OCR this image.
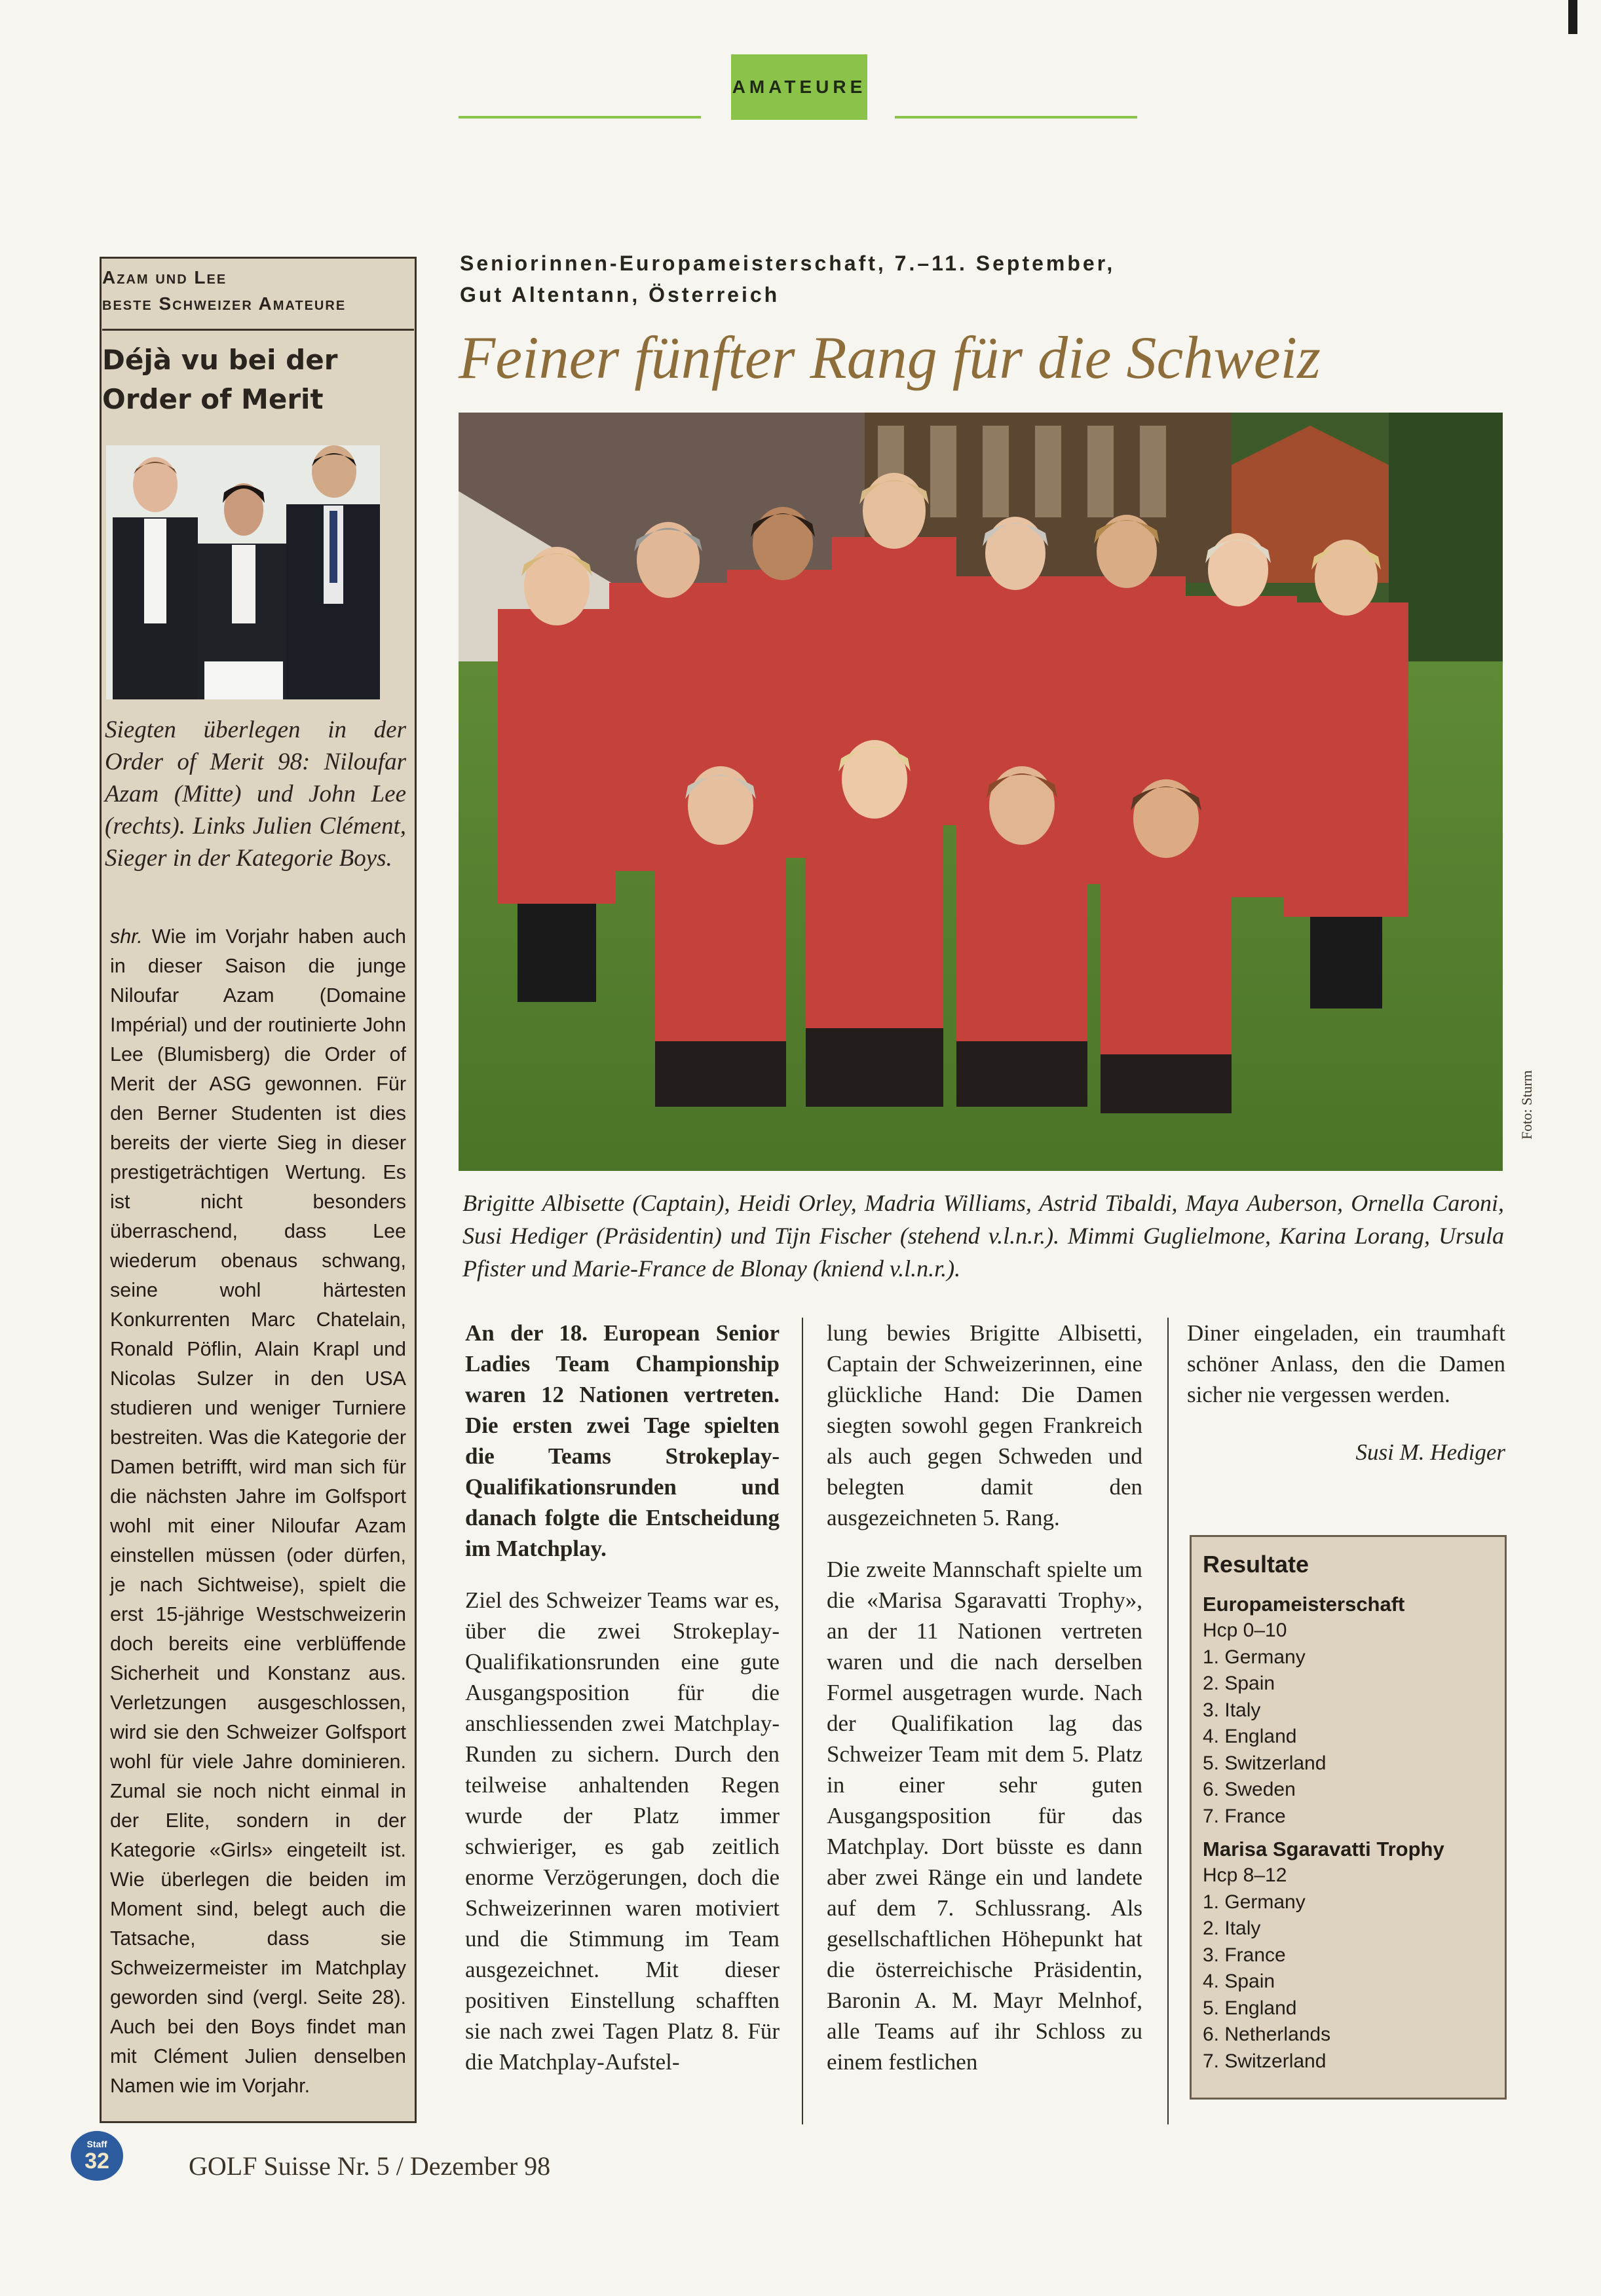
AMATEURE
Azam und Lee
beste Schweizer Amateure
Déjà vu bei der
Order of Merit
Siegten überlegen in der Order of Merit 98: Niloufar Azam (Mitte) und John Lee (rechts). Links Julien Clément, Sieger in der Kategorie Boys.
shr. Wie im Vorjahr haben auch in dieser Saison die junge Niloufar Azam (Domaine Impérial) und der routinierte John Lee (Blumisberg) die Order of Merit der ASG gewonnen. Für den Berner Studenten ist dies bereits der vierte Sieg in dieser prestigeträchtigen Wertung. Es ist nicht besonders überraschend, dass Lee wiederum obenaus schwang, seine wohl härtesten Konkurrenten Marc Chatelain, Ronald Pöflin, Alain Krapl und Nicolas Sulzer in den USA studieren und weniger Turniere bestreiten. Was die Kategorie der Damen betrifft, wird man sich für die nächsten Jahre im Golfsport wohl mit einer Niloufar Azam einstellen müssen (oder dürfen, je nach Sichtweise), spielt die erst 15-jährige Westschweizerin doch bereits eine verblüffende Sicherheit und Konstanz aus. Verletzungen ausgeschlossen, wird sie den Schweizer Golfsport wohl für viele Jahre dominieren. Zumal sie noch nicht einmal in der Elite, sondern in der Kategorie «Girls» eingeteilt ist. Wie überlegen die beiden im Moment sind, belegt auch die Tatsache, dass sie Schweizermeister im Matchplay geworden sind (vergl. Seite 28). Auch bei den Boys findet man mit Clément Julien denselben Namen wie im Vorjahr.
Seniorinnen-Europameisterschaft, 7.–11. September,
Gut Altentann, Österreich
Feiner fünfter Rang für die Schweiz
Foto: Sturm
Brigitte Albisette (Captain), Heidi Orley, Madria Williams, Astrid Tibaldi, Maya Auberson, Ornella Caroni, Susi Hediger (Präsidentin) und Tijn Fischer (stehend v.l.n.r.). Mimmi Guglielmone, Karina Lorang, Ursula Pfister und Marie-France de Blonay (kniend v.l.n.r.).

An der 18. European Senior Ladies Team Championship waren 12 Nationen vertreten. Die ersten zwei Tage spielten die Teams Strokeplay-Qualifikationsrunden und danach folgte die Entscheidung im Matchplay.

Ziel des Schweizer Teams war es, über die zwei Strokeplay-Qualifikationsrunden eine gute Ausgangsposition für die anschliessenden zwei Matchplay-Runden zu sichern. Durch den teilweise anhaltenden Regen wurde der Platz immer schwieriger, es gab zeitlich enorme Verzögerungen, doch die Schweizerinnen waren motiviert und die Stimmung im Team ausgezeichnet. Mit dieser positiven Einstellung schafften sie nach zwei Tagen Platz 8. Für die Matchplay-Aufstel-

lung bewies Brigitte Albisetti, Captain der Schweizerinnen, eine glückliche Hand: Die Damen siegten sowohl gegen Frankreich als auch gegen Schweden und belegten damit den ausgezeichneten 5. Rang.

Die zweite Mannschaft spielte um die «Marisa Sgaravatti Trophy», an der 11 Nationen vertreten waren und die nach derselben Formel ausgetragen wurde. Nach der Qualifikation lag das Schweizer Team mit dem 5. Platz in einer sehr guten Ausgangsposition für das Matchplay. Dort büsste es dann aber zwei Ränge ein und landete auf dem 7. Schlussrang. Als gesellschaftlichen Höhepunkt hat die österreichische Präsidentin, Baronin A. M. Mayr Melnhof, alle Teams auf ihr Schloss zu einem festlichen

Diner eingeladen, ein traumhaft schöner Anlass, den die Damen sicher nie vergessen werden.

Susi M. Hediger
Resultate
Europameisterschaft
Hcp 0–10
1. Germany
2. Spain
3. Italy
4. England
5. Switzerland
6. Sweden
7. France
Marisa Sgaravatti Trophy
Hcp 8–12
1. Germany
2. Italy
3. France
4. Spain
5. England
6. Netherlands
7. Switzerland
Staff
32	GOLF Suisse Nr. 5 / Dezember 98
